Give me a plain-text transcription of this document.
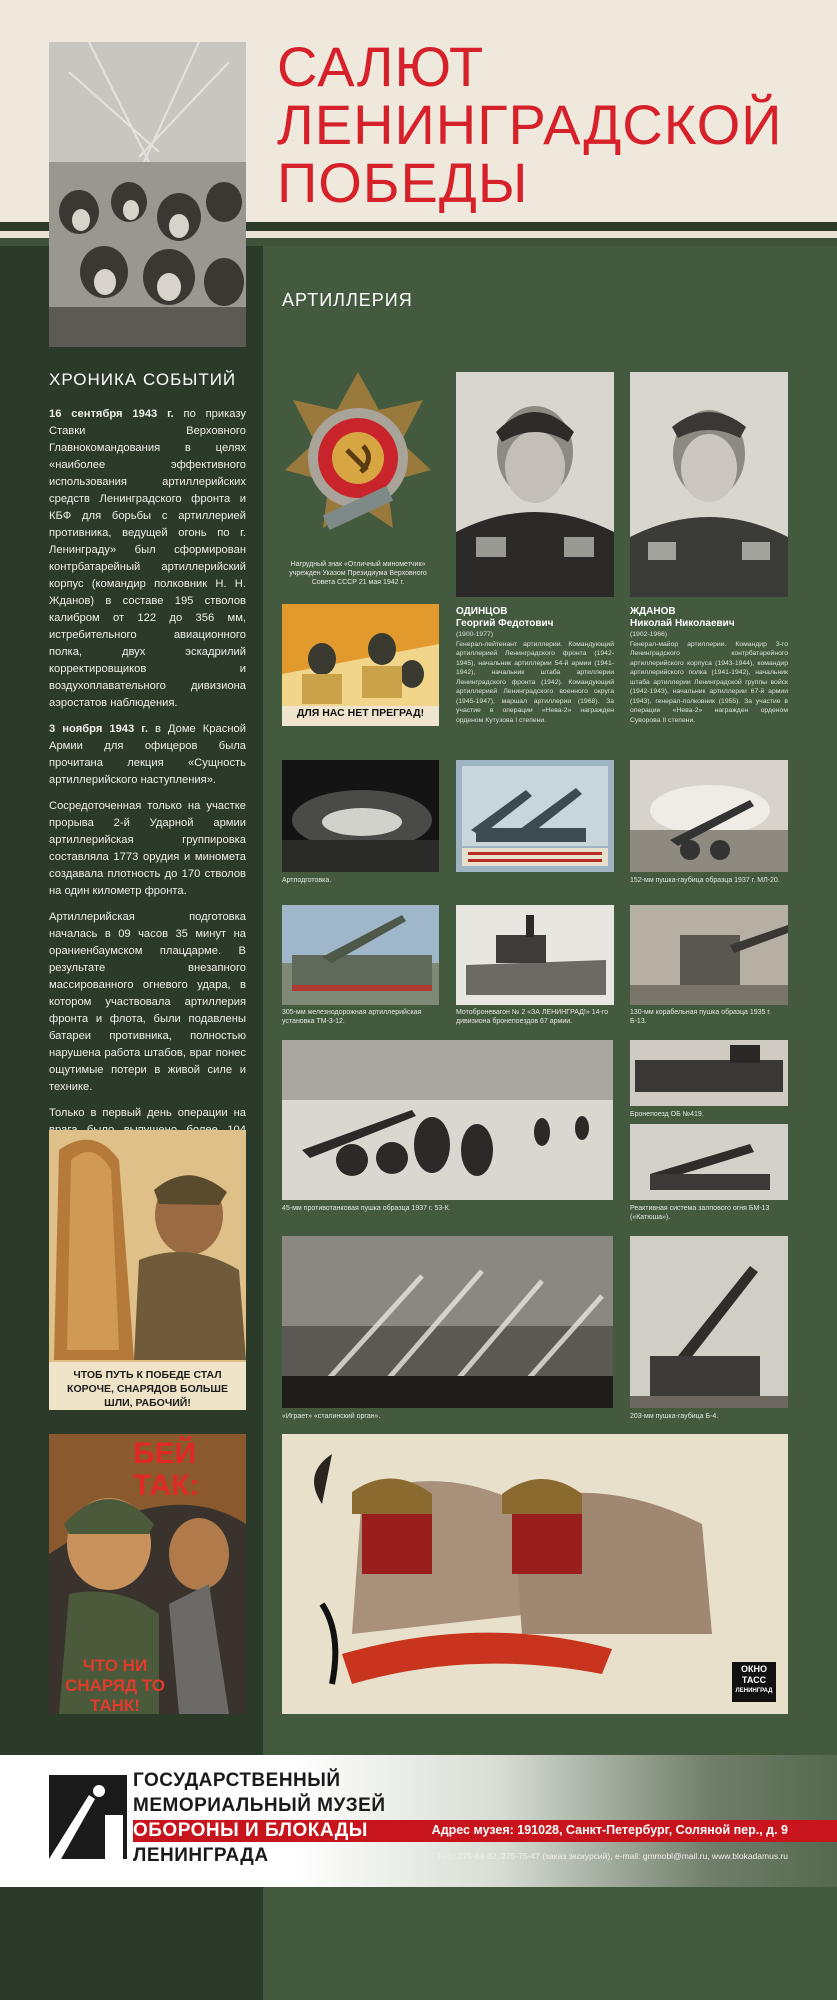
САЛЮТ
ЛЕНИНГРАДСКОЙ
ПОБЕДЫ
АРТИЛЛЕРИЯ
ХРОНИКА СОБЫТИЙ

16 сентября 1943 г. по приказу Ставки Верховного Главнокомандования в целях «наиболее эффективного использования артиллерийских средств Ленинградского фронта и КБФ для борьбы с артиллерией противника, ведущей огонь по г. Ленинграду» был сформирован контрбатарейный артиллерийский корпус (командир полковник Н. Н. Жданов) в составе 195 стволов калибром от 122 до 356 мм, истребительного авиационного полка, двух эскадрилий корректировщиков и воздухоплавательного дивизиона аэростатов наблюдения.

3 ноября 1943 г. в Доме Красной Армии для офицеров была прочитана лекция «Сущность артиллерийского наступления».

Сосредоточенная только на участке прорыва 2-й Ударной армии артиллерийская группировка составляла 1773 орудия и миномета создавала плотность до 170 стволов на один километр фронта.

Артиллерийская подготовка началась в 09 часов 35 минут на ораниенбаумском плацдарме. В результате внезапного массированного огневого удара, в котором участвовала артиллерия фронта и флота, были подавлены батареи противника, полностью нарушена работа штабов, враг понес ощутимые потери в живой силе и технике.

Только в первый день операции на

ЧТОБ ПУТЬ К ПОБЕДЕ СТАЛ КОРОЧЕ, СНАРЯДОВ БОЛЬШЕ ШЛИ, РАБОЧИЙ!
БЕЙ ТАК:
ЧТО НИ СНАРЯД ТО ТАНК!
Нагрудный знак «Отличный минометчик» учрежден Указом Президиума Верховного Совета СССР 21 мая 1942 г.
ОДИНЦОВ
Георгий Федотович
(1900-1977)
Генерал-лейтенант артиллерии. Командующий артиллерией Ленинградского фронта (1942-1945), начальник артиллерии 54-й армии (1941-1942), начальник штаба артиллерии Ленинградского фронта (1942). Командующий артиллерией Ленинградского военного округа (1945-1947), маршал артиллерии (1968). За участие в операции «Нева-2» награжден орденом Кутузова I степени.
ЖДАНОВ
Николай Николаевич
(1902-1966)
Генерал-майор артиллерии. Командир 3-го Ленинградского контрбатарейного артиллерийского корпуса (1943-1944), командир артиллерийского полка (1941-1942), начальник штаба артиллерии Ленинградской группы войск (1942-1943), начальник артиллерии 67-й армии (1943), генерал-полковник (1955). За участие в операции «Нева-2» награжден орденом Суворова II степени.
ДЛЯ НАС НЕТ ПРЕГРАД!
Артподготовка.	152-мм пушка-гаубица образца 1937 г. МЛ-20.
305-мм железнодорожная артиллерийская установка ТМ-3-12.
Мотоброневагон № 2 «ЗА ЛЕНИНГРАД!» 14-го дивизиона бронепоездов 67 армии.
130-мм корабельная пушка образца 1935 г. Б-13.
45-мм противотанковая пушка образца 1937 г. 53-К.
Бронепоезд ОБ №419.
Реактивная система залпового огня БМ-13 («Катюша»).
«Играет» «сталинский орган».	203-мм пушка-гаубица Б-4.
ОКНО
ТАСС
ЛЕНИНГРАД
ГОСУДАРСТВЕННЫЙ
МЕМОРИАЛЬНЫЙ МУЗЕЙ
ОБОРОНЫ И БЛОКАДЫ
ЛЕНИНГРАДА
Адрес музея: 191028, Санкт-Петербург, Соляной пер., д. 9
Тел.: 275-84-82, 275-75-47 (заказ экскурсий), e-mail: gmmobl@mail.ru, www.blokadamus.ru
